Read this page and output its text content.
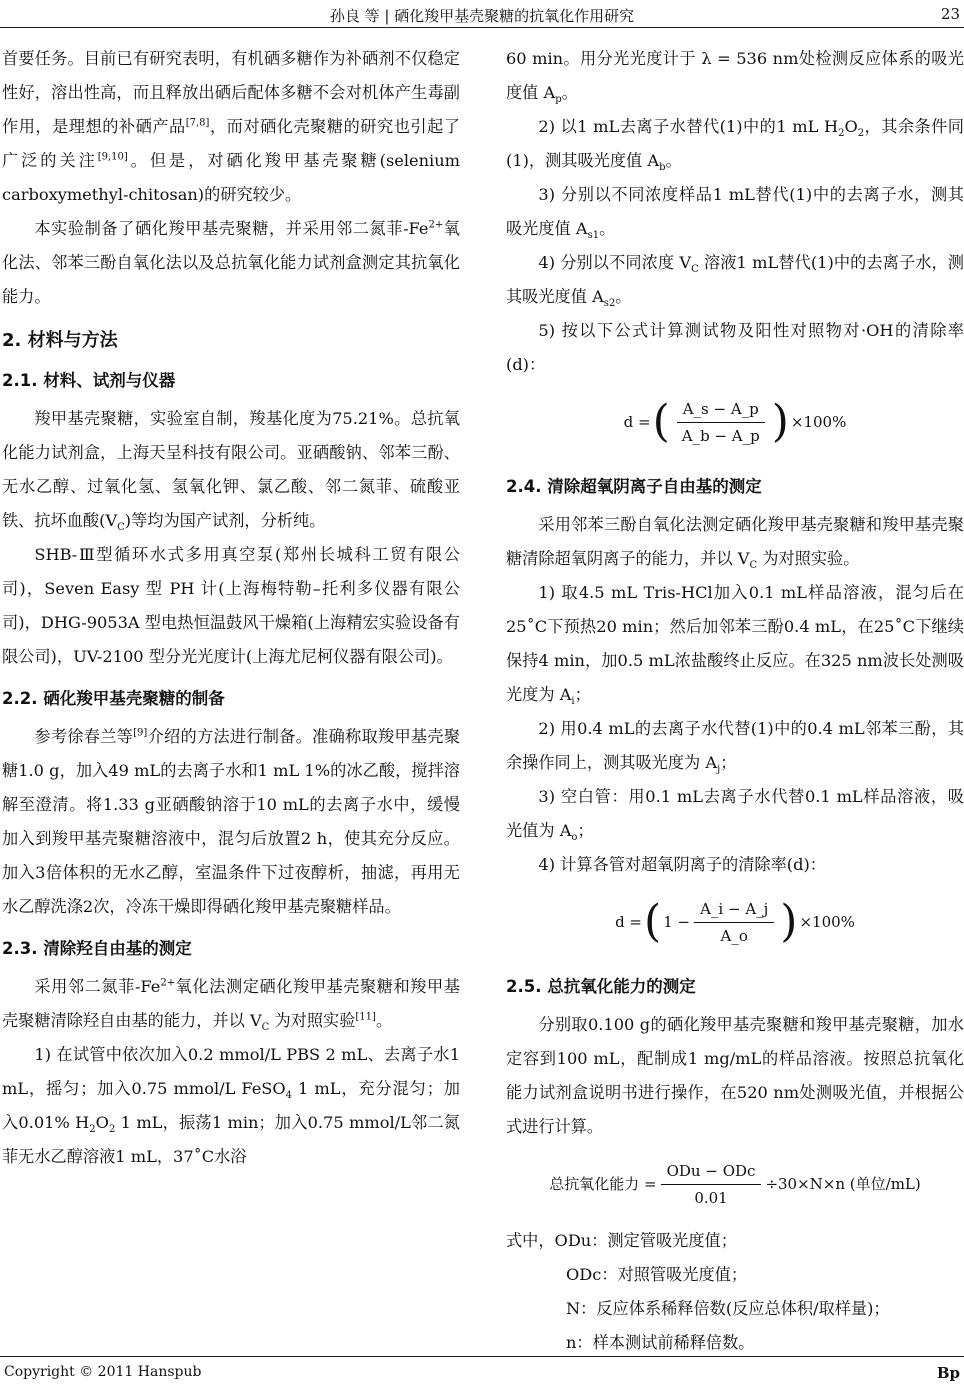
孙良 等 | 硒化羧甲基壳聚糖的抗氧化作用研究	23

首要任务。目前已有研究表明，有机硒多糖作为补硒剂不仅稳定性好，溶出性高，而且释放出硒后配体多糖不会对机体产生毒副作用，是理想的补硒产品[7,8]，而对硒化壳聚糖的研究也引起了广泛的关注[9,10]。但是，对硒化羧甲基壳聚糖(selenium carboxymethyl-chitosan)的研究较少。

本实验制备了硒化羧甲基壳聚糖，并采用邻二氮菲$-Fe^{2+}$氧化法、邻苯三酚自氧化法以及总抗氧化能力试剂盒测定其抗氧化能力。

2. 材料与方法
2.1. 材料、试剂与仪器

羧甲基壳聚糖，实验室自制，羧基化度为75.21%。总抗氧化能力试剂盒，上海天呈科技有限公司。亚硒酸钠、邻苯三酚、无水乙醇、过氧化氢、氢氧化钾、氯乙酸、邻二氮菲、硫酸亚铁、抗坏血酸$(V_C)$等均为国产试剂，分析纯。

SHB-Ⅲ型循环水式多用真空泵(郑州长城科工贸有限公司)，Seven Easy 型 PH 计(上海梅特勒–托利多仪器有限公司)，DHG-9053A 型电热恒温鼓风干燥箱(上海精宏实验设备有限公司)，UV-2100 型分光光度计(上海尤尼柯仪器有限公司)。

2.2. 硒化羧甲基壳聚糖的制备

参考徐春兰等[9]介绍的方法进行制备。准确称取羧甲基壳聚糖1.0 g，加入49 mL的去离子水和1 mL 1%的冰乙酸，搅拌溶解至澄清。将1.33 g亚硒酸钠溶于10 mL的去离子水中，缓慢加入到羧甲基壳聚糖溶液中，混匀后放置2 h，使其充分反应。加入3倍体积的无水乙醇，室温条件下过夜醇析，抽滤，再用无水乙醇洗涤2次，冷冻干燥即得硒化羧甲基壳聚糖样品。

2.3. 清除羟自由基的测定

采用邻二氮菲$-Fe^{2+}$氧化法测定硒化羧甲基壳聚糖和羧甲基壳聚糖清除羟自由基的能力，并以 $V_C$ 为对照实验[11]。

1) 在试管中依次加入0.2 mmol/L PBS 2 mL、去离子水1 mL，摇匀；加入0.75 mmol/L FeSO$_4$ 1 mL，充分混匀；加入0.01% $H_2O_2$ 1 mL，振荡1 min；加入0.75 mmol/L邻二氮菲无水乙醇溶液1 mL，37˚C水浴

60 min。用分光光度计于 λ = 536 nm处检测反应体系的吸光度值 $A_p$。

2) 以1 mL去离子水替代(1)中的1 mL $H_2O_2$，其余条件同(1)，测其吸光度值 $A_b$。

3) 分别以不同浓度样品1 mL替代(1)中的去离子水，测其吸光度值 $A_{s1}$。

4) 分别以不同浓度 $V_C$ 溶液1 mL替代(1)中的去离子水，测其吸光度值 $A_{s2}$。

5) 按以下公式计算测试物及阳性对照物对·OH的清除率(d)：

d = ( $\frac{A\_s - A\_p}{A\_b - A\_p}$ ) ×100%
2.4. 清除超氧阴离子自由基的测定

采用邻苯三酚自氧化法测定硒化羧甲基壳聚糖和羧甲基壳聚糖清除超氧阴离子的能力，并以 $V_C$ 为对照实验。

1) 取4.5 mL Tris-HCl加入0.1 mL样品溶液，混匀后在25˚C下预热20 min；然后加邻苯三酚0.4 mL，在25˚C下继续保持4 min，加0.5 mL浓盐酸终止反应。在325 nm波长处测吸光度为 $A_i$；

2) 用0.4 mL的去离子水代替(1)中的0.4 mL邻苯三酚，其余操作同上，测其吸光度为 $A_j$；

3) 空白管：用0.1 mL去离子水代替0.1 mL样品溶液，吸光值为 $A_o$；

4) 计算各管对超氧阴离子的清除率(d)：

d = ( $1 - \frac{A\_i - A\_j}{A\_o}$ ) ×100%
2.5. 总抗氧化能力的测定

分别取0.100 g的硒化羧甲基壳聚糖和羧甲基壳聚糖，加水定容到100 mL，配制成1 mg/mL的样品溶液。按照总抗氧化能力试剂盒说明书进行操作，在520 nm处测吸光值，并根据公式进行计算。

总抗氧化能力 = $\frac{\text{ODu − ODc}}{0.01} \div 30\times N\times n$ (单位/mL)
式中，ODu：测定管吸光度值；
ODc：对照管吸光度值；
N：反应体系稀释倍数(反应总体积/取样量)；
n：样本测试前稀释倍数。
Copyright © 2011 Hanspub	Bp
